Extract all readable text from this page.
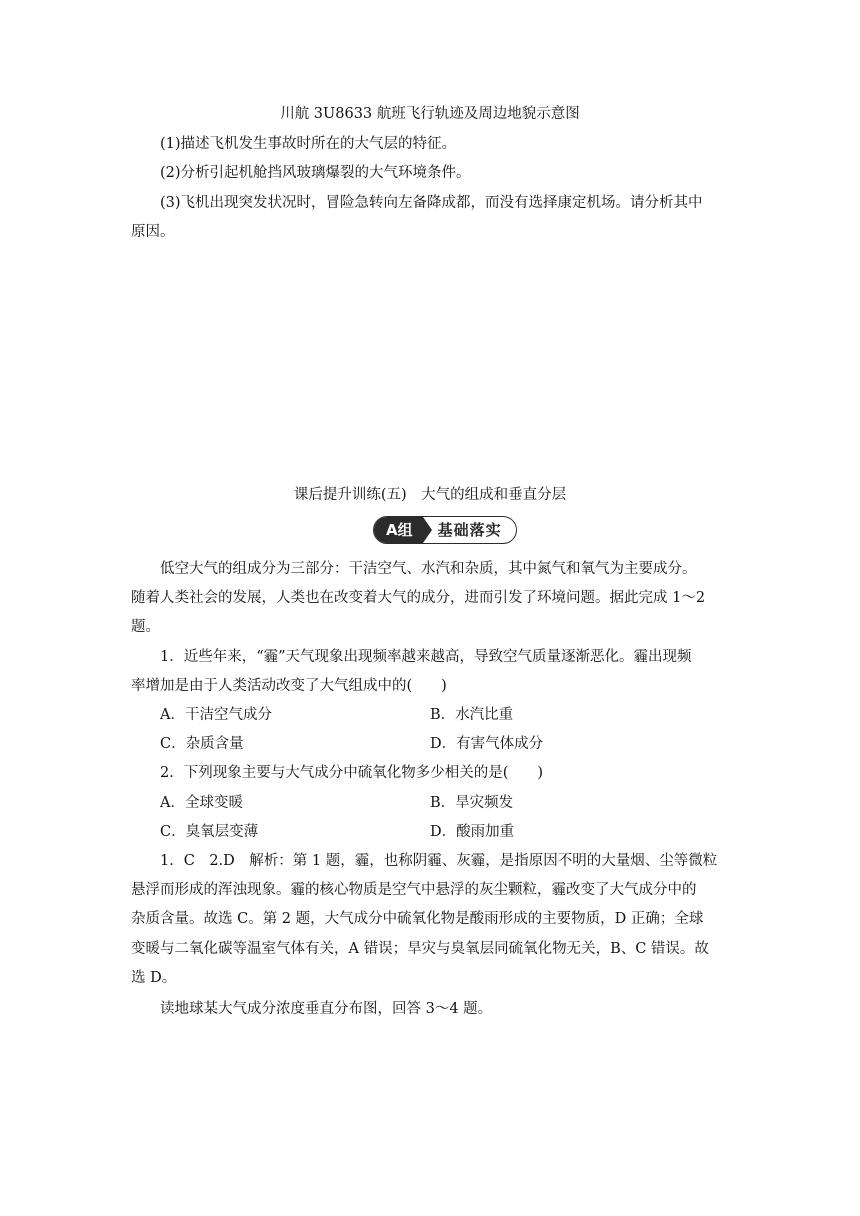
川航 3U8633 航班飞行轨迹及周边地貌示意图
(1)描述飞机发生事故时所在的大气层的特征。
(2)分析引起机舱挡风玻璃爆裂的大气环境条件。
(3)飞机出现突发状况时，冒险急转向左备降成都，而没有选择康定机场。请分析其中
原因。
课后提升训练(五)　大气的组成和垂直分层
A组	基础落实
低空大气的组成分为三部分：干洁空气、水汽和杂质，其中氮气和氧气为主要成分。
随着人类社会的发展，人类也在改变着大气的成分，进而引发了环境问题。据此完成 1～2
题。
1．近些年来，“霾”天气现象出现频率越来越高，导致空气质量逐渐恶化。霾出现频
率增加是由于人类活动改变了大气组成中的(　　)
A．干洁空气成分	B．水汽比重
C．杂质含量	D．有害气体成分
2．下列现象主要与大气成分中硫氧化物多少相关的是(　　)
A．全球变暖	B．旱灾频发
C．臭氧层变薄	D．酸雨加重
1．C　2.D　解析：第 1 题，霾，也称阴霾、灰霾，是指原因不明的大量烟、尘等微粒
悬浮而形成的浑浊现象。霾的核心物质是空气中悬浮的灰尘颗粒，霾改变了大气成分中的
杂质含量。故选 C。第 2 题，大气成分中硫氧化物是酸雨形成的主要物质，D 正确；全球
变暖与二氧化碳等温室气体有关，A 错误；旱灾与臭氧层同硫氧化物无关，B、C 错误。故
选 D。
读地球某大气成分浓度垂直分布图，回答 3～4 题。
